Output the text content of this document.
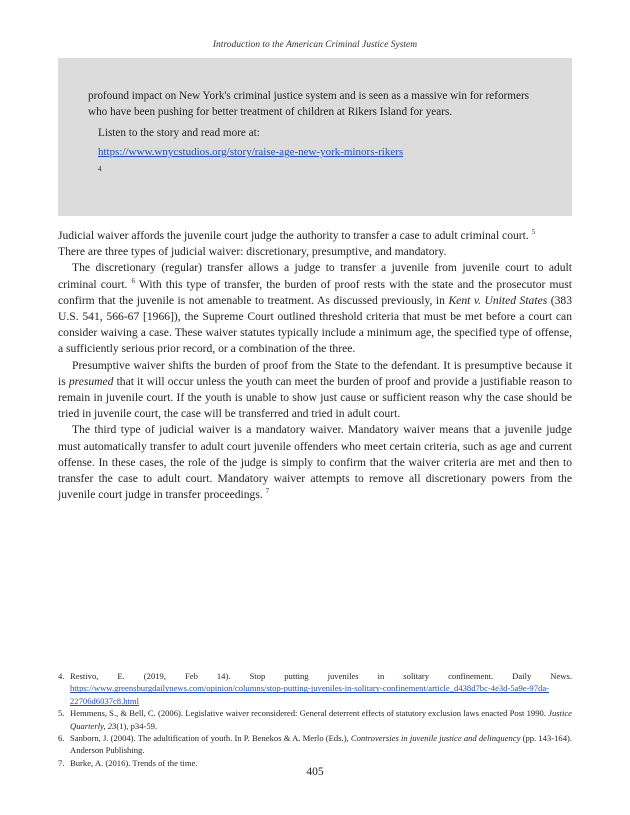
Introduction to the American Criminal Justice System

profound impact on New York's criminal justice system and is seen as a massive win for reformers who have been pushing for better treatment of children at Rikers Island for years.

Listen to the story and read more at:

https://www.wnycstudios.org/story/raise-age-new-york-minors-rikers
4

Judicial waiver affords the juvenile court judge the authority to transfer a case to adult criminal court. $^5$
There are three types of judicial waiver: discretionary, presumptive, and mandatory.

The discretionary (regular) transfer allows a judge to transfer a juvenile from juvenile court to adult criminal court. $^6$ With this type of transfer, the burden of proof rests with the state and the prosecutor must confirm that the juvenile is not amenable to treatment. As discussed previously, in Kent v. United States (383 U.S. 541, 566-67 [1966]), the Supreme Court outlined threshold criteria that must be met before a court can consider waiving a case. These waiver statutes typically include a minimum age, the specified type of offense, a sufficiently serious prior record, or a combination of the three.

Presumptive waiver shifts the burden of proof from the State to the defendant. It is presumptive because it is presumed that it will occur unless the youth can meet the burden of proof and provide a justifiable reason to remain in juvenile court. If the youth is unable to show just cause or sufficient reason why the case should be tried in juvenile court, the case will be transferred and tried in adult court.

The third type of judicial waiver is a mandatory waiver. Mandatory waiver means that a juvenile judge must automatically transfer to adult court juvenile offenders who meet certain criteria, such as age and current offense. In these cases, the role of the judge is simply to confirm that the waiver criteria are met and then to transfer the case to adult court. Mandatory waiver attempts to remove all discretionary powers from the juvenile court judge in transfer proceedings. $^7$

4. Restivo, E. (2019, Feb 14). Stop putting juveniles in solitary confinement. Daily News. https://www.greensburgdailynews.com/opinion/columns/stop-putting-juveniles-in-solitary-confinement/article_d438d7bc-4e3d-5a9e-97da-22706d6037c8.html
5. Hemmens, S., & Bell, C. (2006). Legislative waiver reconsidered: General deterrent effects of statutory exclusion laws enacted Post 1990. Justice Quarterly, 23(1), p34-59.
6. Sanborn, J. (2004). The adultification of youth. In P. Benekos & A. Merlo (Eds.), Controversies in juvenile justice and delinquency (pp. 143-164). Anderson Publishing.
7. Burke, A. (2016). Trends of the time.
405
